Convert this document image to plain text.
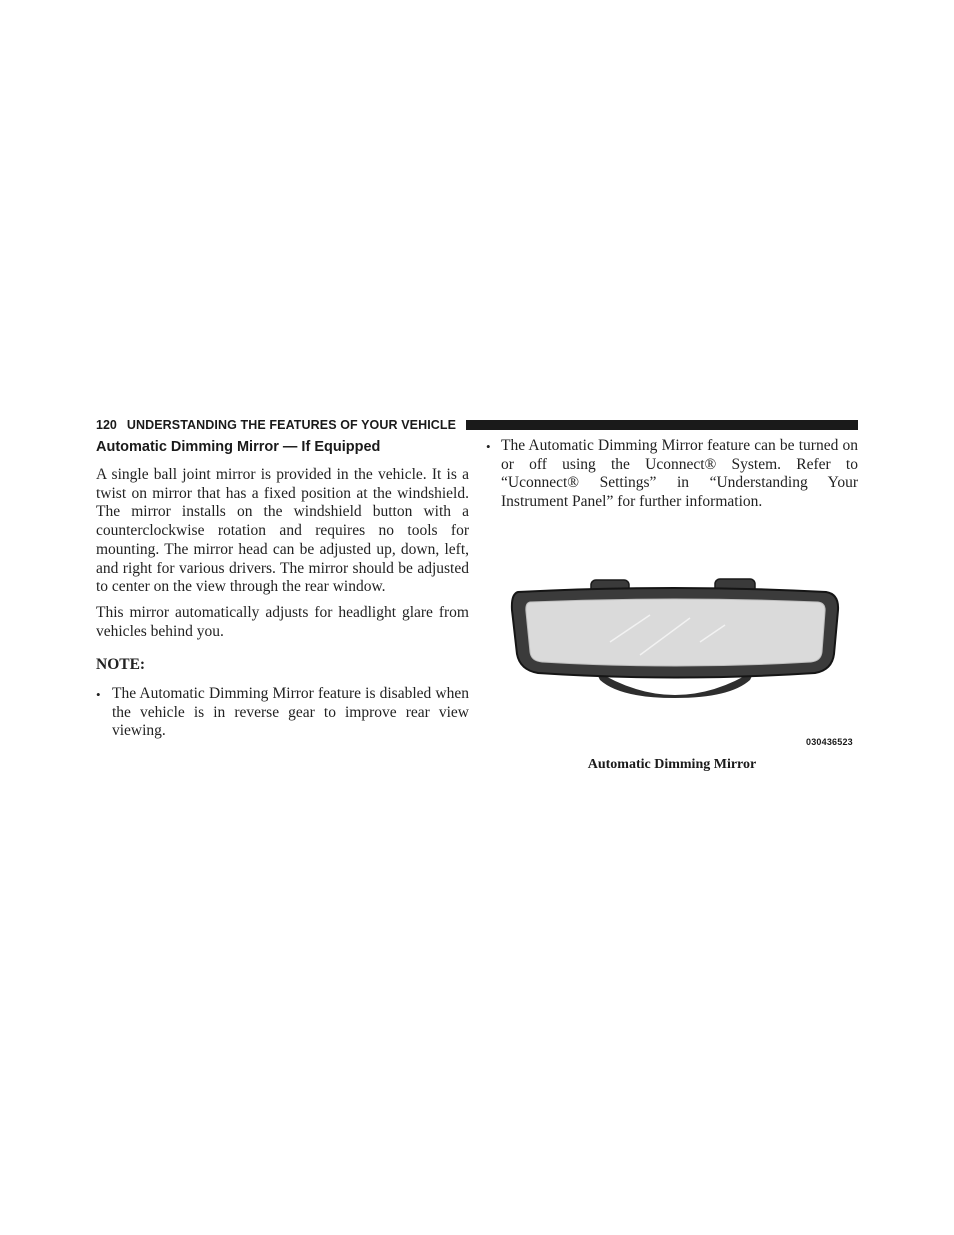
120 UNDERSTANDING THE FEATURES OF YOUR VEHICLE
Automatic Dimming Mirror — If Equipped

A single ball joint mirror is provided in the vehicle. It is a twist on mirror that has a fixed position at the windshield. The mirror installs on the windshield button with a counterclockwise rotation and requires no tools for mounting. The mirror head can be adjusted up, down, left, and right for various drivers. The mirror should be adjusted to center on the view through the rear window.

This mirror automatically adjusts for headlight glare from vehicles behind you.

NOTE:

• The Automatic Dimming Mirror feature is disabled when the vehicle is in reverse gear to improve rear view viewing.
• The Automatic Dimming Mirror feature can be turned on or off using the Uconnect® System. Refer to “Uconnect® Settings” in “Understanding Your Instrument Panel” for further information.
030436523
Automatic Dimming Mirror
